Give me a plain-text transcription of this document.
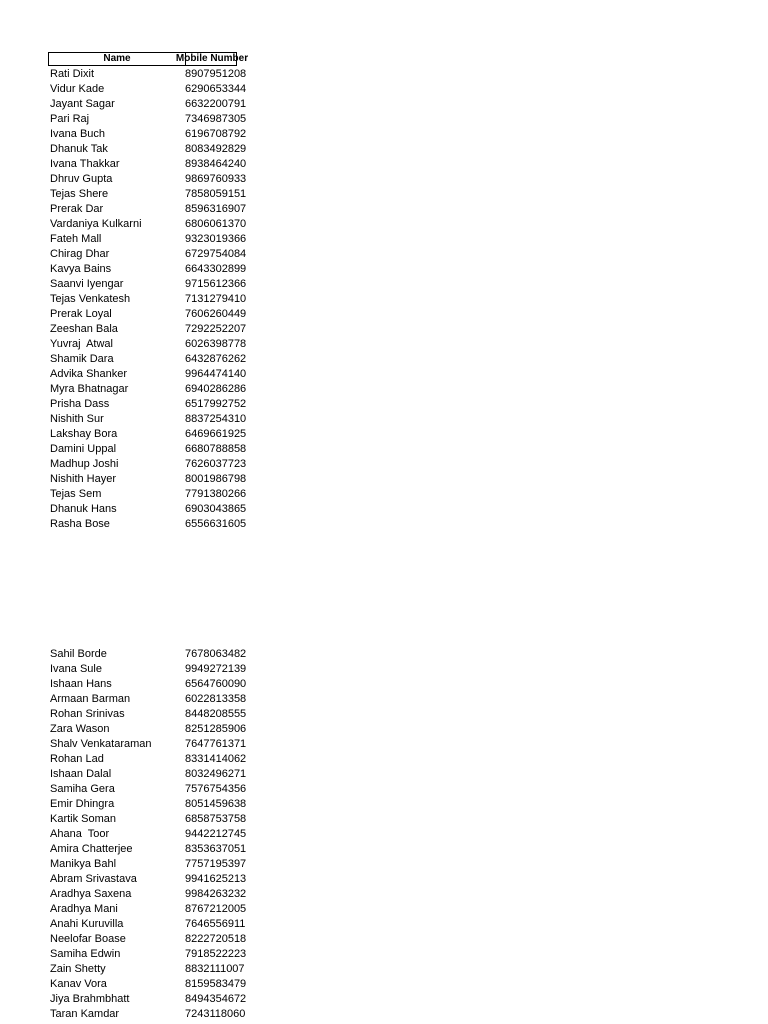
Name	Mobile Number
Rati Dixit	8907951208
Vidur Kade	6290653344
Jayant Sagar	6632200791
Pari Raj	7346987305
Ivana Buch	6196708792
Dhanuk Tak	8083492829
Ivana Thakkar	8938464240
Dhruv Gupta	9869760933
Tejas Shere	7858059151
Prerak Dar	8596316907
Vardaniya Kulkarni	6806061370
Fateh Mall	9323019366
Chirag Dhar	6729754084
Kavya Bains	6643302899
Saanvi Iyengar	9715612366
Tejas Venkatesh	7131279410
Prerak Loyal	7606260449
Zeeshan Bala	7292252207
Yuvraj  Atwal	6026398778
Shamik Dara	6432876262
Advika Shanker	9964474140
Myra Bhatnagar	6940286286
Prisha Dass	6517992752
Nishith Sur	8837254310
Lakshay Bora	6469661925
Damini Uppal	6680788858
Madhup Joshi	7626037723
Nishith Hayer	8001986798
Tejas Sem	7791380266
Dhanuk Hans	6903043865
Rasha Bose	6556631605
Sahil Borde	7678063482
Ivana Sule	9949272139
Ishaan Hans	6564760090
Armaan Barman	6022813358
Rohan Srinivas	8448208555
Zara Wason	8251285906
Shalv Venkataraman	7647761371
Rohan Lad	8331414062
Ishaan Dalal	8032496271
Samiha Gera	7576754356
Emir Dhingra	8051459638
Kartik Soman	6858753758
Ahana  Toor	9442212745
Amira Chatterjee	8353637051
Manikya Bahl	7757195397
Abram Srivastava	9941625213
Aradhya Saxena	9984263232
Aradhya Mani	8767212005
Anahi Kuruvilla	7646556911
Neelofar Boase	8222720518
Samiha Edwin	7918522223
Zain Shetty	8832111007
Kanav Vora	8159583479
Jiya Brahmbhatt	8494354672
Taran Kamdar	7243118060
